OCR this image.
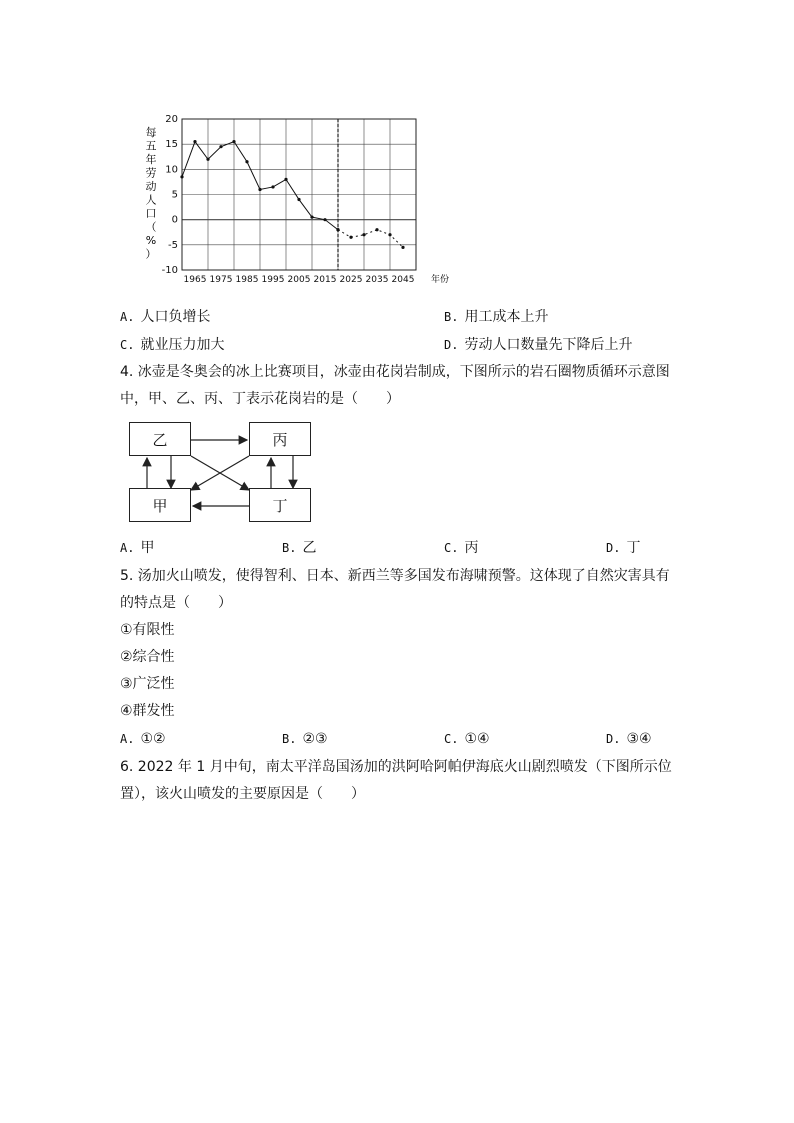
20
15
10
5
0
-5
-10
1965 1975 1985 1995 2005 2015 2025 2035 2045
每五年劳动人口（%）
年份
A. 人口负增长	B. 用工成本上升
C. 就业压力加大	D. 劳动人口数量先下降后上升
4. 冰壶是冬奥会的冰上比赛项目，冰壶由花岗岩制成，下图所示的岩石圈物质循环示意图
中，甲、乙、丙、丁表示花岗岩的是（　　）
乙	丙
甲	丁
A. 甲	B. 乙	C. 丙	D. 丁
5. 汤加火山喷发，使得智利、日本、新西兰等多国发布海啸预警。这体现了自然灾害具有
的特点是（　　）
①有限性
②综合性
③广泛性
④群发性
A. ①②	B. ②③	C. ①④	D. ③④
6. 2022 年 1 月中旬，南太平洋岛国汤加的洪阿哈阿帕伊海底火山剧烈喷发（下图所示位
置），该火山喷发的主要原因是（　　）
